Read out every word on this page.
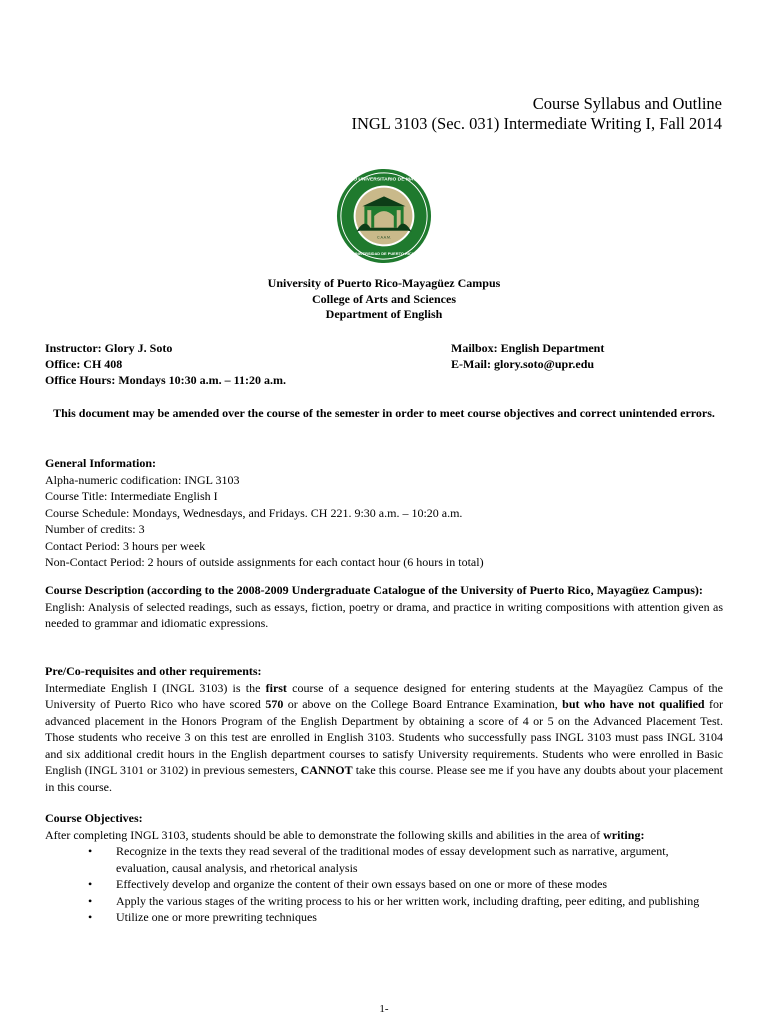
Course Syllabus and Outline
INGL 3103 (Sec. 031) Intermediate Writing I, Fall 2014
C.A.A.M.
UNIVERSIDAD DE PUERTO RICO
RECINTO UNIVERSITARIO DE MAYAGÜEZ
University of Puerto Rico-Mayagüez Campus
College of Arts and Sciences
Department of English
Instructor: Glory J. Soto
Office: CH 408
Office Hours: Mondays 10:30 a.m. – 11:20 a.m.
Mailbox: English Department
E-Mail: glory.soto@upr.edu
This document may be amended over the course of the semester in order to meet course objectives and correct unintended errors.
General Information:
Alpha-numeric codification: INGL 3103
Course Title: Intermediate English I
Course Schedule: Mondays, Wednesdays, and Fridays. CH 221. 9:30 a.m. – 10:20 a.m.
Number of credits: 3
Contact Period: 3 hours per week
Non-Contact Period: 2 hours of outside assignments for each contact hour (6 hours in total)
Course Description (according to the 2008-2009 Undergraduate Catalogue of the University of Puerto Rico, Mayagüez Campus):
English: Analysis of selected readings, such as essays, fiction, poetry or drama, and practice in writing compositions with attention given as needed to grammar and idiomatic expressions.
Pre/Co-requisites and other requirements:
Intermediate English I (INGL 3103) is the first course of a sequence designed for entering students at the Mayagüez Campus of the University of Puerto Rico who have scored 570 or above on the College Board Entrance Examination, but who have not qualified for advanced placement in the Honors Program of the English Department by obtaining a score of 4 or 5 on the Advanced Placement Test. Those students who receive 3 on this test are enrolled in English 3103. Students who successfully pass INGL 3103 must pass INGL 3104 and six additional credit hours in the English department courses to satisfy University requirements. Students who were enrolled in Basic English (INGL 3101 or 3102) in previous semesters, CANNOT take this course. Please see me if you have any doubts about your placement in this course.
Course Objectives:
After completing INGL 3103, students should be able to demonstrate the following skills and abilities in the area of writing:
• Recognize in the texts they read several of the traditional modes of essay development such as narrative, argument, evaluation, causal analysis, and rhetorical analysis
• Effectively develop and organize the content of their own essays based on one or more of these modes
• Apply the various stages of the writing process to his or her written work, including drafting, peer editing, and publishing
• Utilize one or more prewriting techniques
1-
